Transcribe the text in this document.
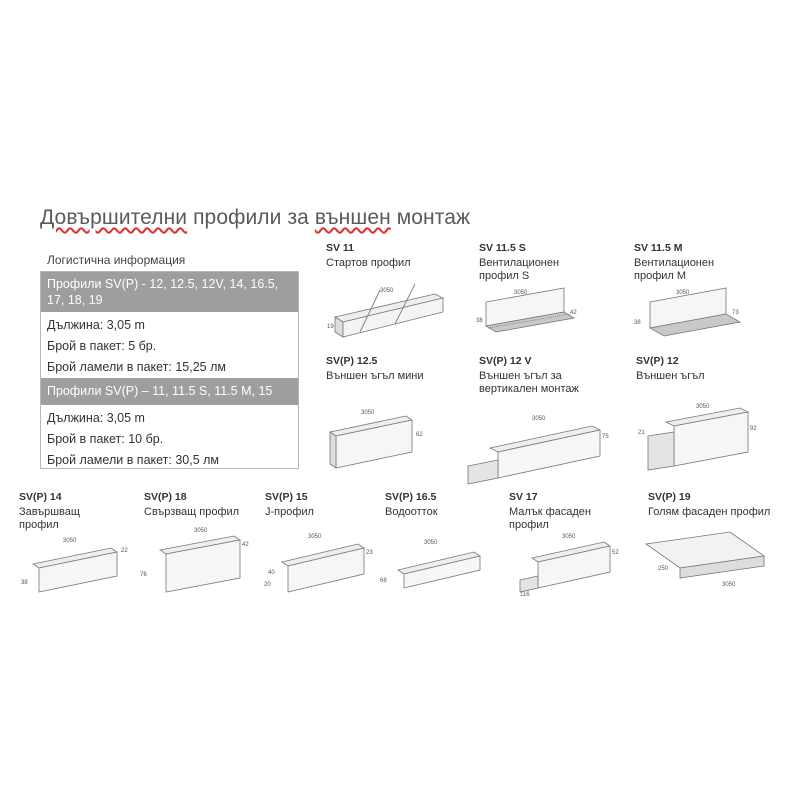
Довършителни профили за външен монтаж
Логистична информация
Профили SV(P) - 12, 12.5, 12V, 14, 16.5, 17, 18, 19
Дължина: 3,05 m
Брой в пакет: 5 бр.
Брой ламели в пакет: 15,25 лм
Профили SV(P) – 11, 11.5 S, 11.5 M, 15
Дължина: 3,05 m
Брой в пакет: 10 бр.
Брой ламели в пакет: 30,5 лм
SV 11
Стартов профил
3050
19
SV 11.5 S
Вентилационен профил S
3050
38
42
SV 11.5 M
Вентилационен профил M
3050
38
73
SV(P) 12.5
Външен ъгъл мини
3050
62
SV(P) 12 V
Външен ъгъл за вертикален монтаж
3050
75
SV(P) 12
Външен ъгъл
3050
92
21
SV(P) 14
Завършващ профил
3050
22
38
SV(P) 18
Свързващ профил
3050
42
76
SV(P) 15
J-профил
3050
23
20
40
SV(P) 16.5
Водоотток
3050
68
SV 17
Малък фасаден профил
3050
52
116
SV(P) 19
Голям фасаден профил
250
3050
